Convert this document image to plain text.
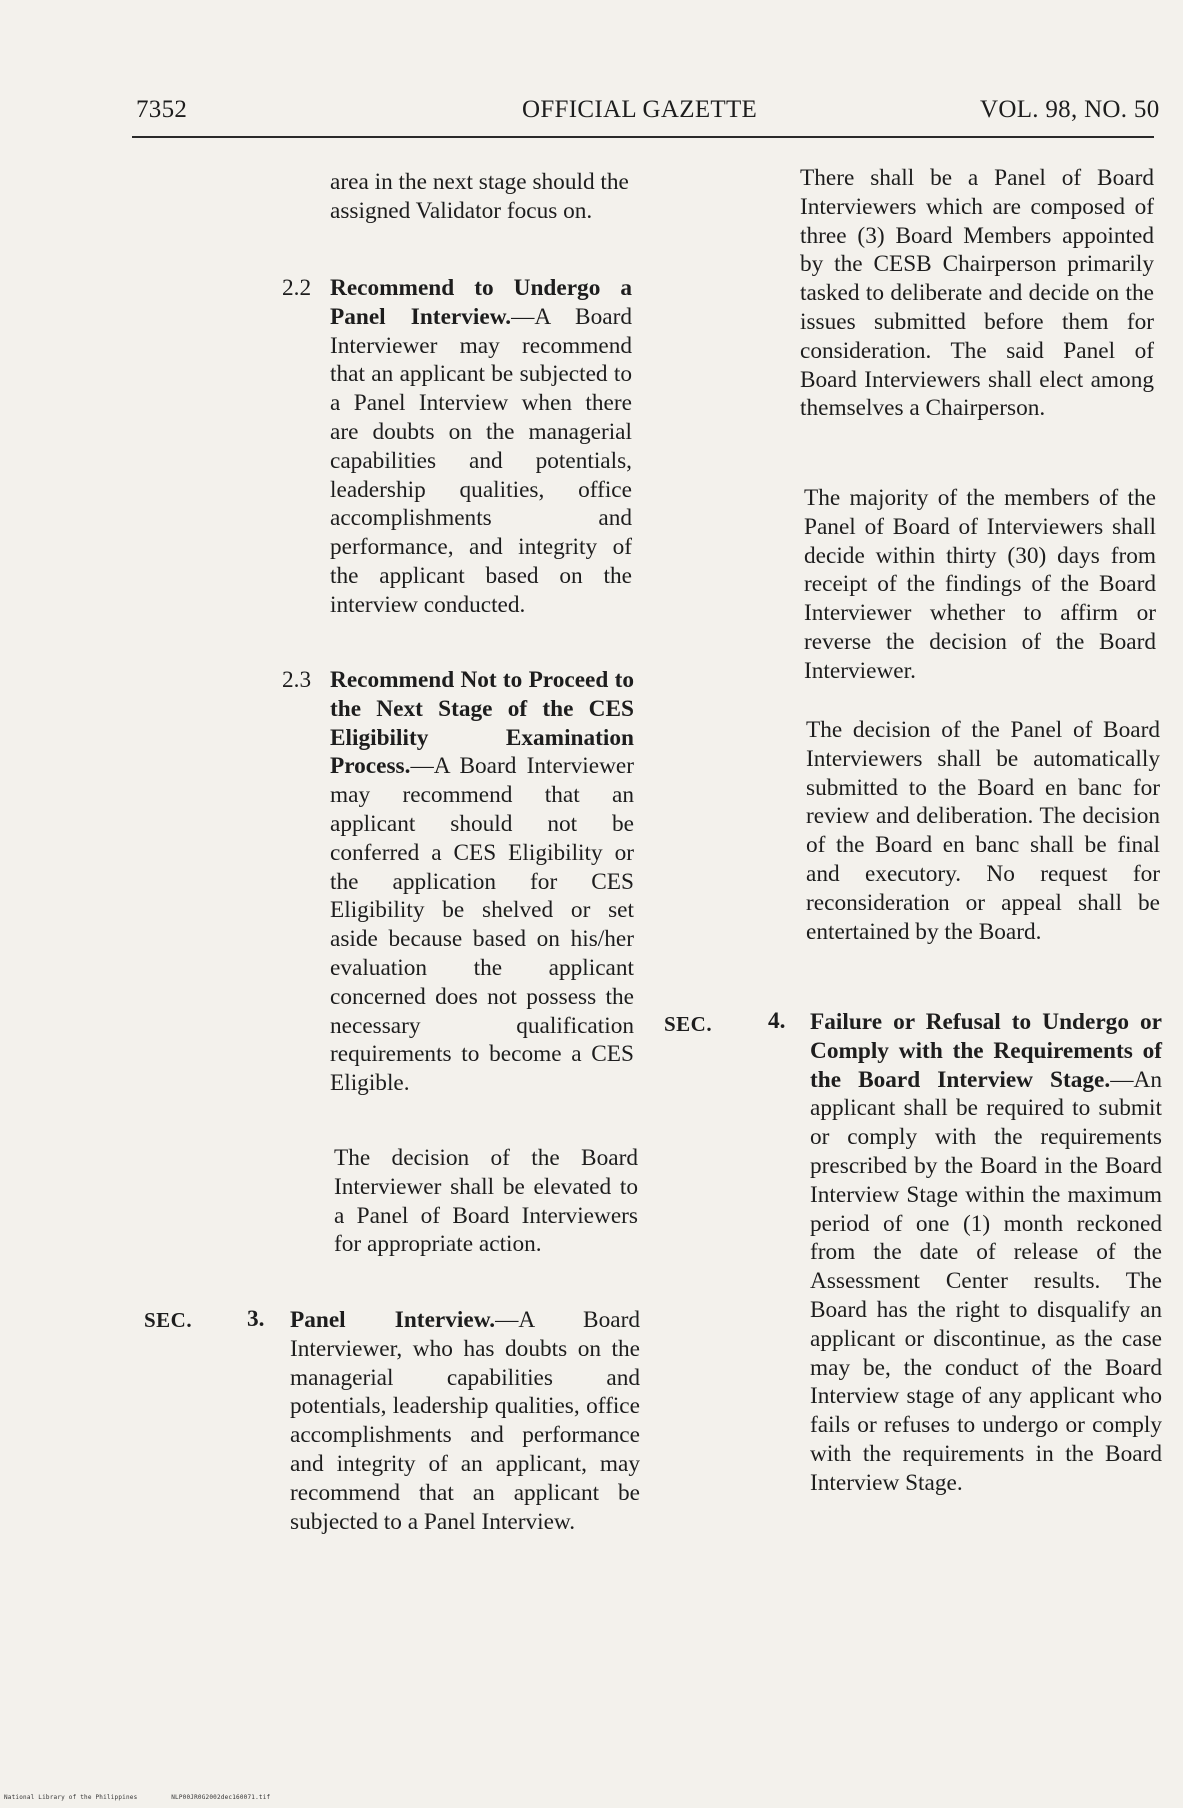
7352	OFFICIAL GAZETTE	VOL. 98, NO. 50

area in the next stage should the assigned Validator focus on.

2.2 Recommend to Undergo a Panel Interview.—A Board Interviewer may recommend that an applicant be subjected to a Panel Interview when there are doubts on the managerial capabilities and potentials, leadership qualities, office accomplishments and performance, and integrity of the applicant based on the interview conducted.

2.3 Recommend Not to Proceed to the Next Stage of the CES Eligibility Examination Process.—A Board Interviewer may recommend that an applicant should not be conferred a CES Eligibility or the application for CES Eligibility be shelved or set aside because based on his/her evaluation the applicant concerned does not possess the necessary qualification requirements to become a CES Eligible.

The decision of the Board Interviewer shall be elevated to a Panel of Board Interviewers for appropriate action.

SEC. 3. Panel Interview.—A Board Interviewer, who has doubts on the managerial capabilities and potentials, leadership qualities, office accomplishments and performance and integrity of an applicant, may recommend that an applicant be subjected to a Panel Interview.

There shall be a Panel of Board Interviewers which are composed of three (3) Board Members appointed by the CESB Chairperson primarily tasked to deliberate and decide on the issues submitted before them for consideration. The said Panel of Board Interviewers shall elect among themselves a Chairperson.

The majority of the members of the Panel of Board of Interviewers shall decide within thirty (30) days from receipt of the findings of the Board Interviewer whether to affirm or reverse the decision of the Board Interviewer.

The decision of the Panel of Board Interviewers shall be automatically submitted to the Board en banc for review and deliberation. The decision of the Board en banc shall be final and executory. No request for reconsideration or appeal shall be entertained by the Board.

SEC. 4. Failure or Refusal to Undergo or Comply with the Requirements of the Board Interview Stage.—An applicant shall be required to submit or comply with the requirements prescribed by the Board in the Board Interview Stage within the maximum period of one (1) month reckoned from the date of release of the Assessment Center results. The Board has the right to disqualify an applicant or discontinue, as the case may be, the conduct of the Board Interview stage of any applicant who fails or refuses to undergo or comply with the requirements in the Board Interview Stage.

National Library of the Philippines	NLP00JR0G2002dec160071.tif
